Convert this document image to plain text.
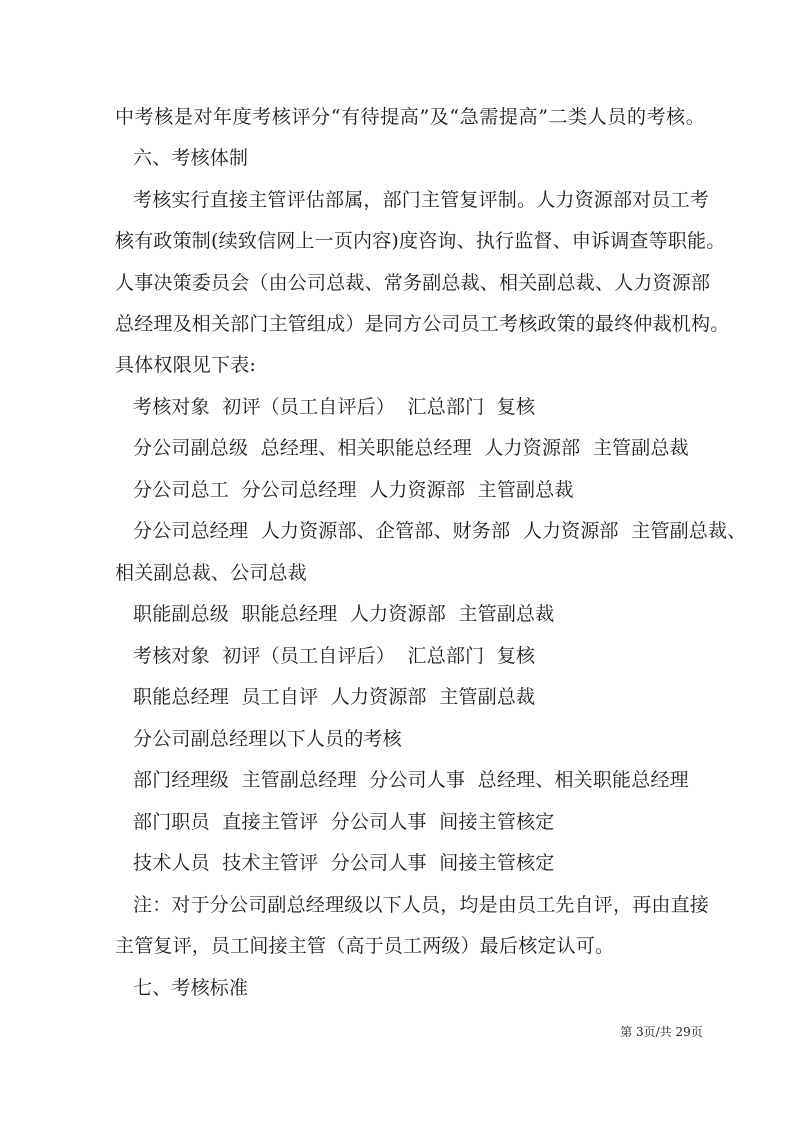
中考核是对年度考核评分“有待提高”及“急需提高”二类人员的考核。
六、考核体制
考核实行直接主管评估部属，部门主管复评制。人力资源部对员工考
核有政策制(续致信网上一页内容)度咨询、执行监督、申诉调查等职能。
人事决策委员会（由公司总裁、常务副总裁、相关副总裁、人力资源部
总经理及相关部门主管组成）是同方公司员工考核政策的最终仲裁机构。
具体权限见下表:
考核对象  初评（员工自评后）  汇总部门  复核
分公司副总级  总经理、相关职能总经理  人力资源部  主管副总裁
分公司总工  分公司总经理  人力资源部  主管副总裁
分公司总经理  人力资源部、企管部、财务部  人力资源部  主管副总裁、
相关副总裁、公司总裁
职能副总级  职能总经理  人力资源部  主管副总裁
考核对象  初评（员工自评后）  汇总部门  复核
职能总经理  员工自评  人力资源部  主管副总裁
分公司副总经理以下人员的考核
部门经理级  主管副总经理  分公司人事  总经理、相关职能总经理
部门职员  直接主管评  分公司人事  间接主管核定
技术人员  技术主管评  分公司人事  间接主管核定
注：对于分公司副总经理级以下人员，均是由员工先自评，再由直接
主管复评，员工间接主管（高于员工两级）最后核定认可。
七、考核标准
第 3页/共 29页
